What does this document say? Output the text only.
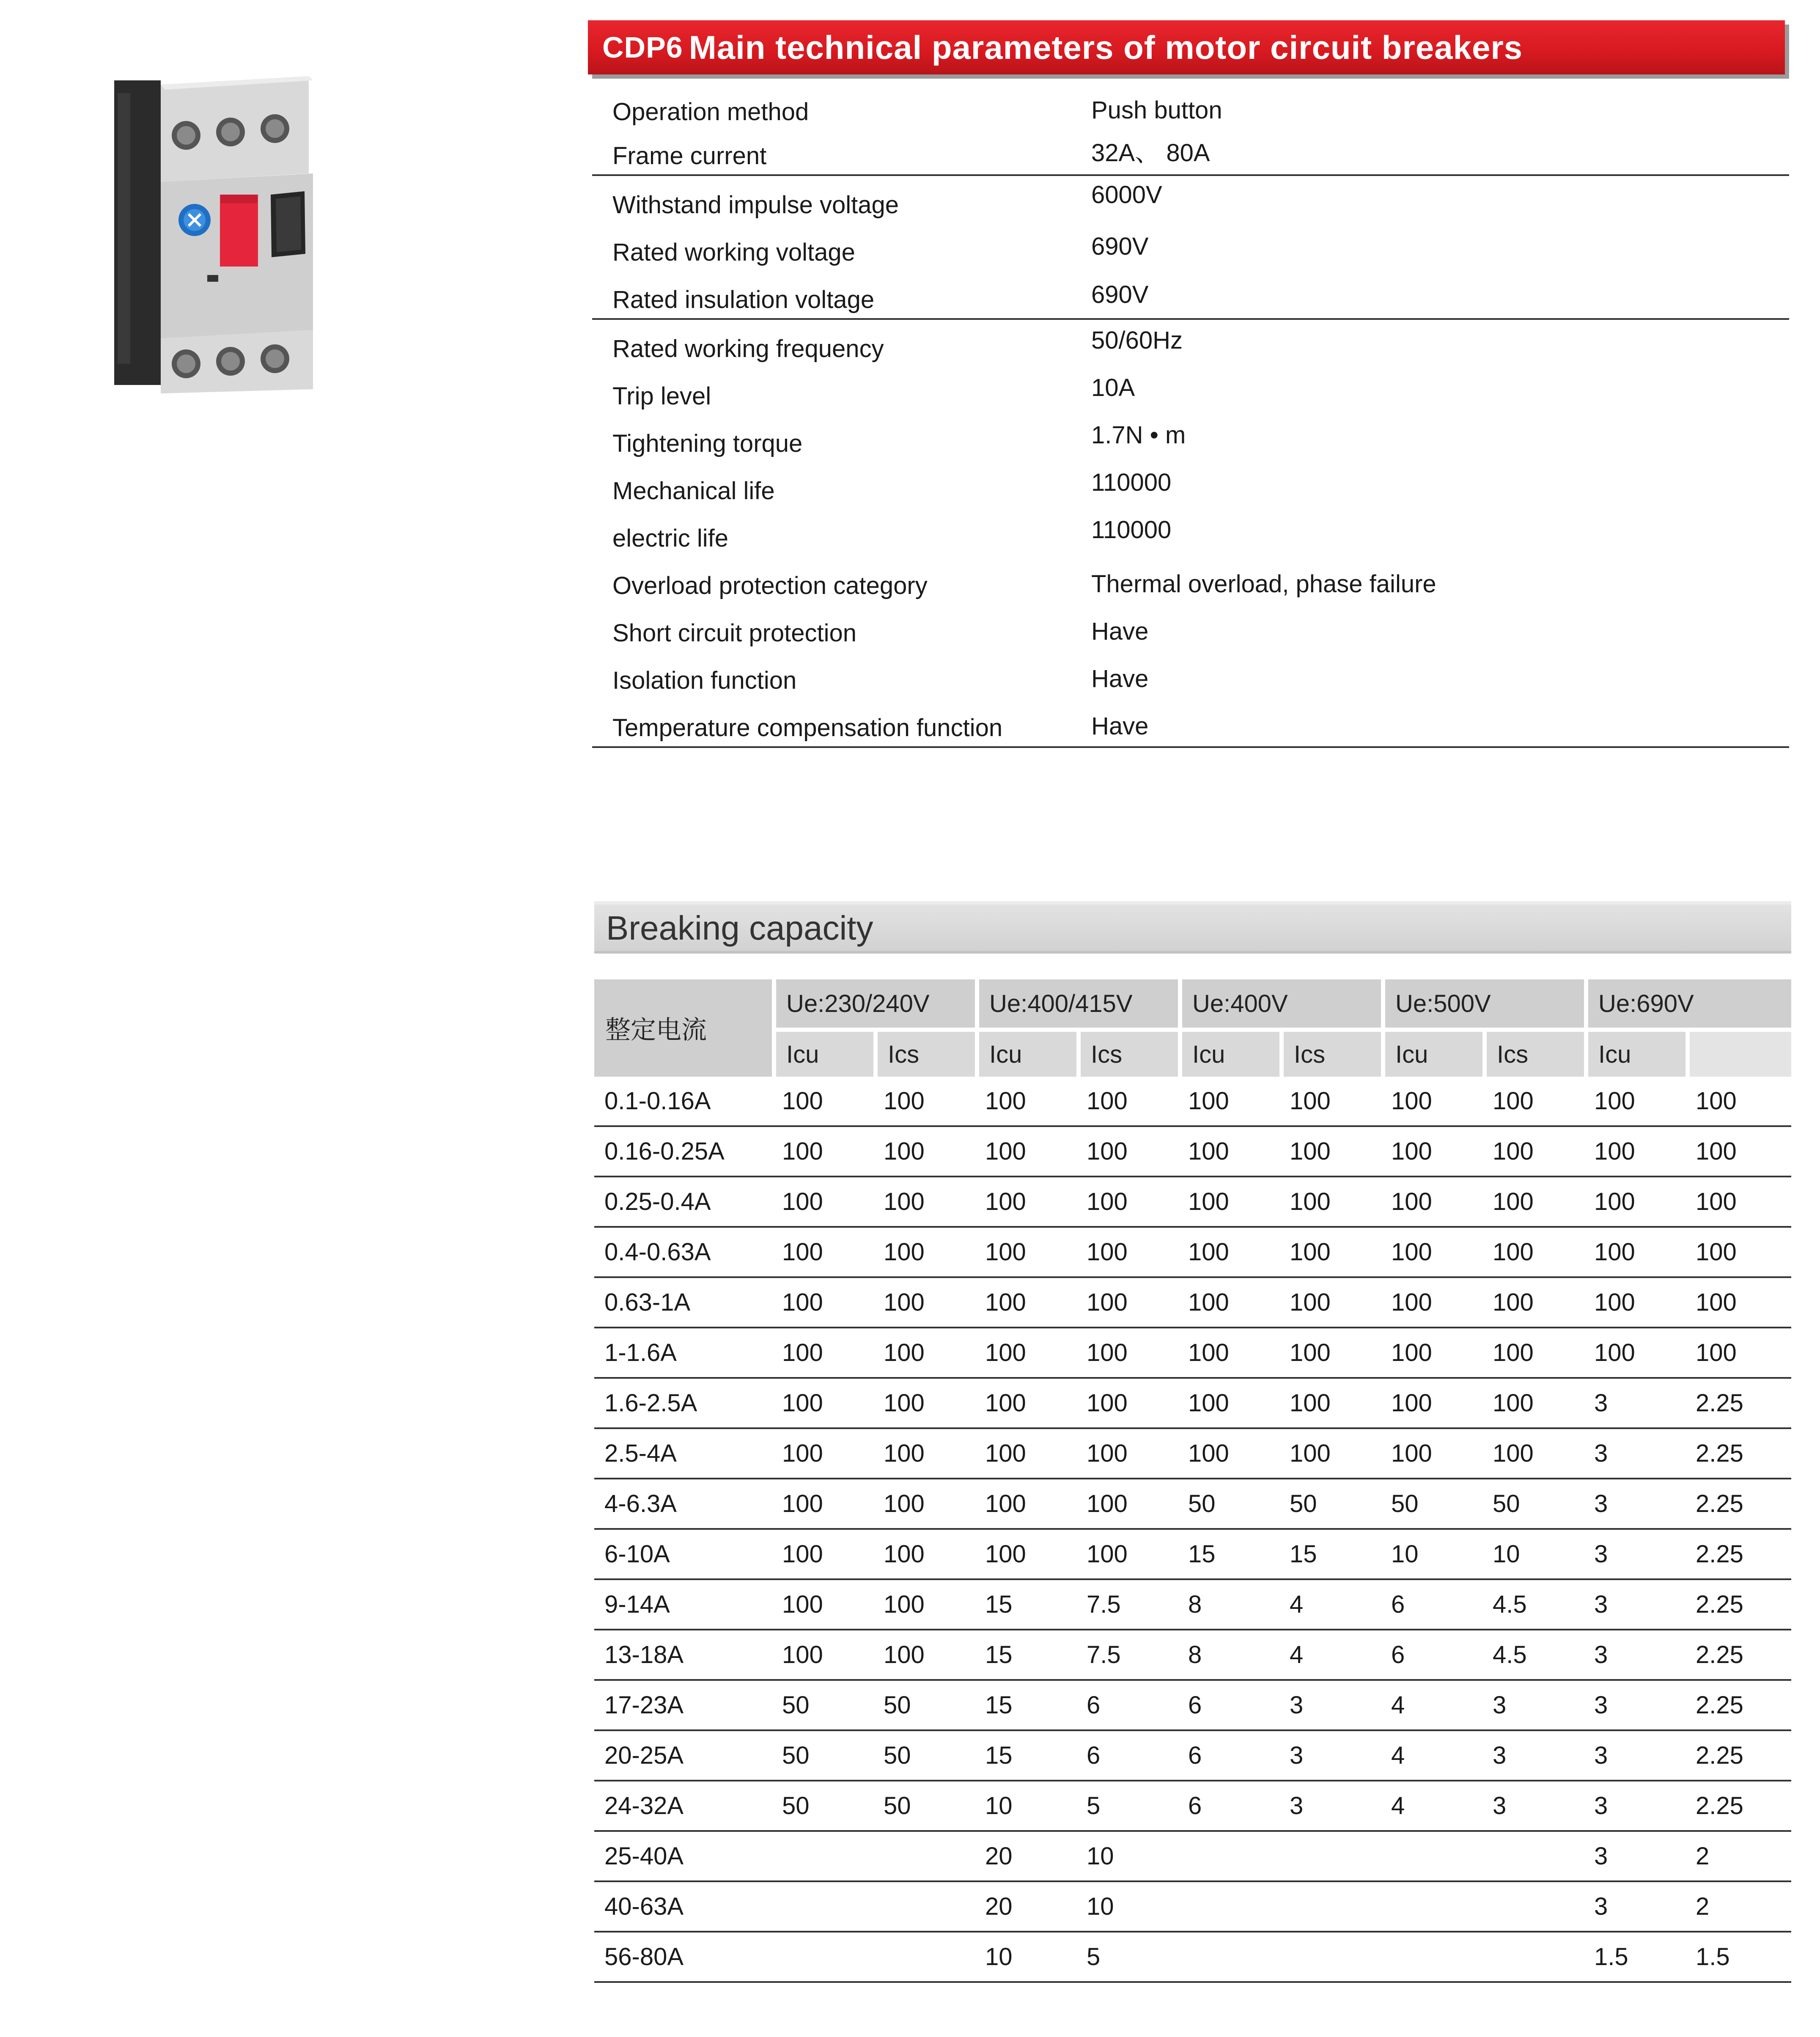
CDP6 Main technical parameters of motor circuit breakers
Operation method	Push button
Frame current	32A、 80A
Withstand impulse voltage	6000V
Rated working voltage	690V
Rated insulation voltage	690V
Rated working frequency	50/60Hz
Trip level	10A
Tightening torque	1.7N • m
Mechanical life	110000
electric life	110000
Overload protection category	Thermal overload, phase failure
Short circuit protection	Have
Isolation function	Have
Temperature compensation function	Have
Breaking capacity
整定电流	Ue:230/240V		Ue:400/415V		Ue:400V		Ue:500V		Ue:690V	
	Icu	Ics	Icu	Ics	Icu	Ics	Icu	Ics	Icu	
0.1-0.16A	100	100	100	100	100	100	100	100	100	100
0.16-0.25A	100	100	100	100	100	100	100	100	100	100
0.25-0.4A	100	100	100	100	100	100	100	100	100	100
0.4-0.63A	100	100	100	100	100	100	100	100	100	100
0.63-1A	100	100	100	100	100	100	100	100	100	100
1-1.6A	100	100	100	100	100	100	100	100	100	100
1.6-2.5A	100	100	100	100	100	100	100	100	3	2.25
2.5-4A	100	100	100	100	100	100	100	100	3	2.25
4-6.3A	100	100	100	100	50	50	50	50	3	2.25
6-10A	100	100	100	100	15	15	10	10	3	2.25
9-14A	100	100	15	7.5	8	4	6	4.5	3	2.25
13-18A	100	100	15	7.5	8	4	6	4.5	3	2.25
17-23A	50	50	15	6	6	3	4	3	3	2.25
20-25A	50	50	15	6	6	3	4	3	3	2.25
24-32A	50	50	10	5	6	3	4	3	3	2.25
25-40A			20	10					3	2
40-63A			20	10					3	2
56-80A			10	5					1.5	1.5
